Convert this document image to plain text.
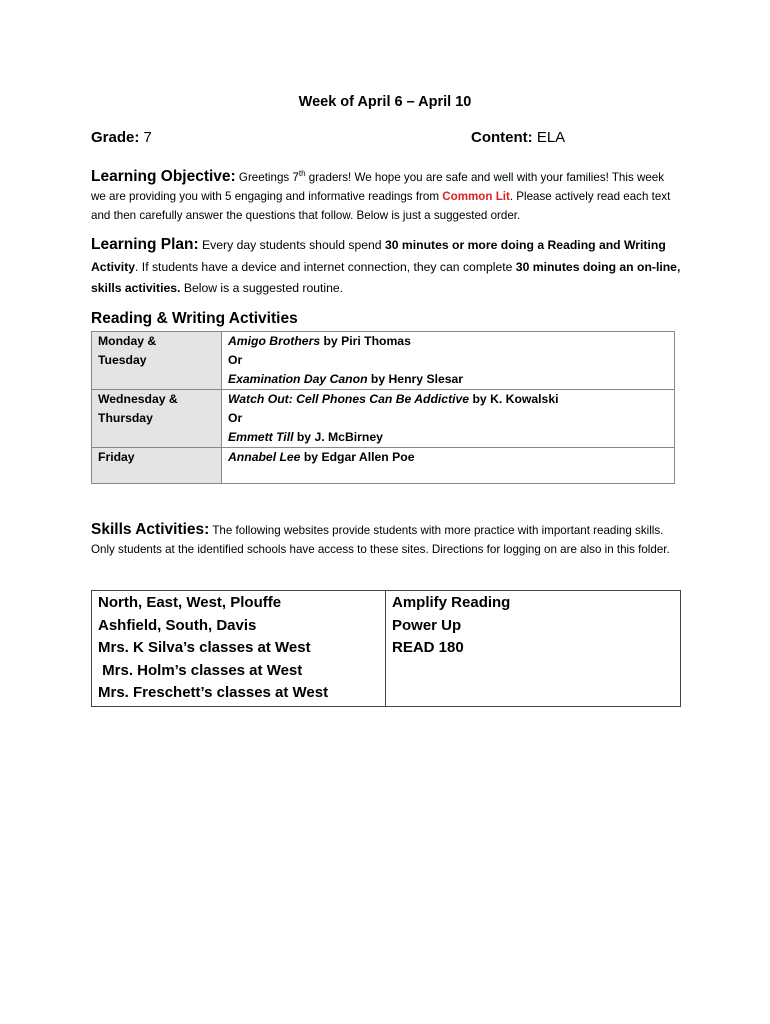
Week of April 6 – April 10
Grade: 7	Content: ELA
Learning Objective: Greetings 7th graders! We hope you are safe and well with your families! This week we are providing you with 5 engaging and informative readings from Common Lit. Please actively read each text and then carefully answer the questions that follow. Below is just a suggested order.
Learning Plan: Every day students should spend 30 minutes or more doing a Reading and Writing Activity. If students have a device and internet connection, they can complete 30 minutes doing an on-line, skills activities. Below is a suggested routine.
Reading & Writing Activities
Monday &
Tuesday	Amigo Brothers by Piri Thomas
Or
Examination Day Canon by Henry Slesar

Wednesday &
Thursday	Watch Out: Cell Phones Can Be Addictive by K. Kowalski
Or
Emmett Till by J. McBirney

Friday	Annabel Lee by Edgar Allen Poe
Skills Activities: The following websites provide students with more practice with important reading skills. Only students at the identified schools have access to these sites. Directions for logging on are also in this folder.
North, East, West, Plouffe
Ashfield, South, Davis
Mrs. K Silva’s classes at West
Mrs. Holm’s classes at West
Mrs. Freschett’s classes at West

Amplify Reading
Power Up
READ 180
